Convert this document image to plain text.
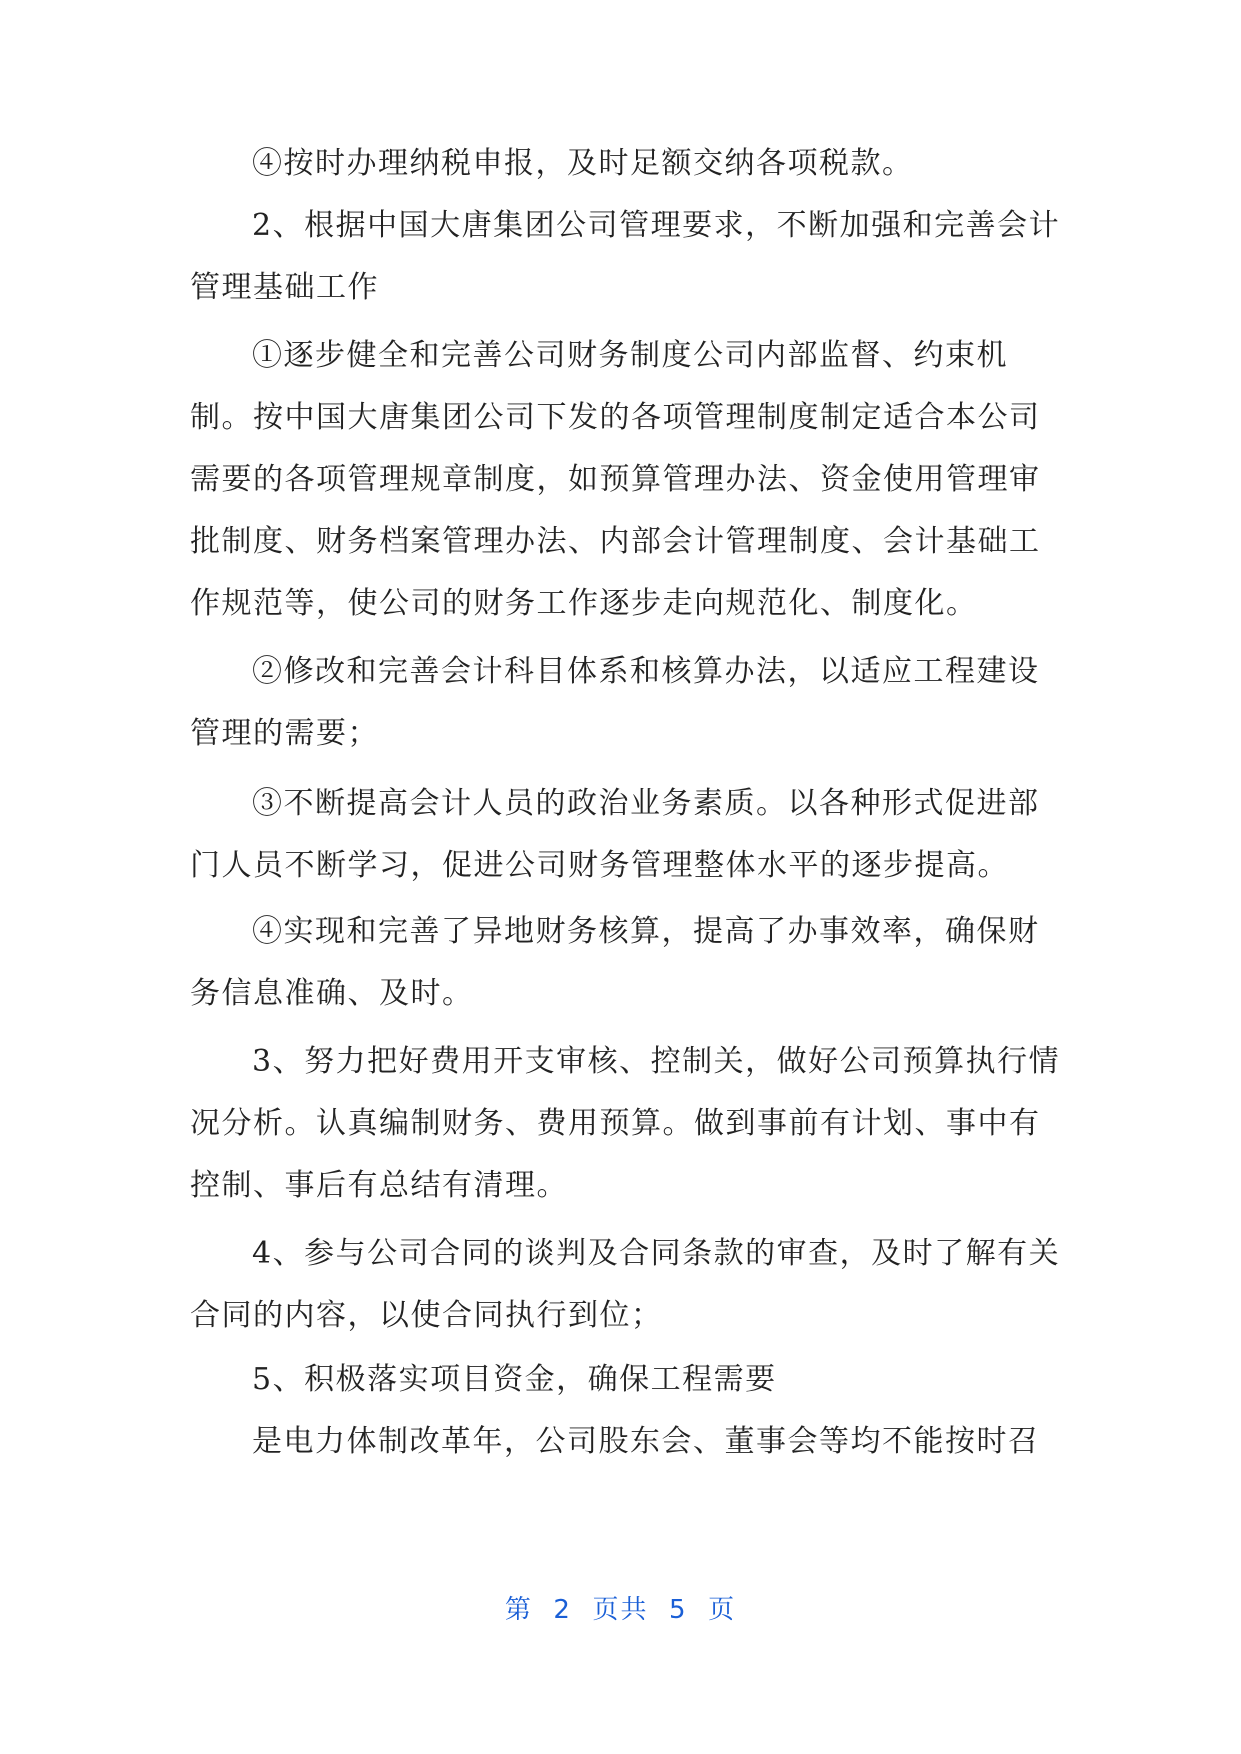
④按时办理纳税申报，及时足额交纳各项税款。
2、根据中国大唐集团公司管理要求，不断加强和完善会计
管理基础工作
①逐步健全和完善公司财务制度公司内部监督、约束机
制。按中国大唐集团公司下发的各项管理制度制定适合本公司
需要的各项管理规章制度，如预算管理办法、资金使用管理审
批制度、财务档案管理办法、内部会计管理制度、会计基础工
作规范等，使公司的财务工作逐步走向规范化、制度化。
②修改和完善会计科目体系和核算办法，以适应工程建设
管理的需要；
③不断提高会计人员的政治业务素质。以各种形式促进部
门人员不断学习，促进公司财务管理整体水平的逐步提高。
④实现和完善了异地财务核算，提高了办事效率，确保财
务信息准确、及时。
3、努力把好费用开支审核、控制关，做好公司预算执行情
况分析。认真编制财务、费用预算。做到事前有计划、事中有
控制、事后有总结有清理。
4、参与公司合同的谈判及合同条款的审查，及时了解有关
合同的内容，以使合同执行到位；
5、积极落实项目资金，确保工程需要
是电力体制改革年，公司股东会、董事会等均不能按时召
第  2  页共  5  页
